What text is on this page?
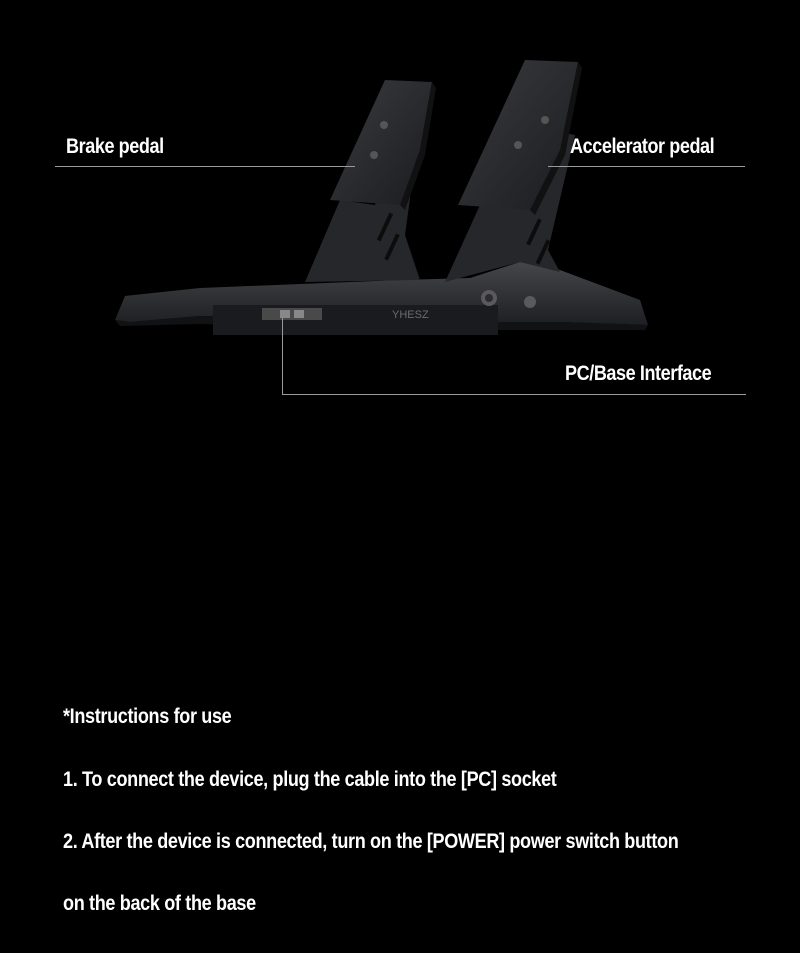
YHESZ
Brake pedal	Accelerator pedal
PC/Base Interface
*Instructions for use
1. To connect the device, plug the cable into the [PC] socket
2. After the device is connected, turn on the [POWER] power switch button
on the back of the base
